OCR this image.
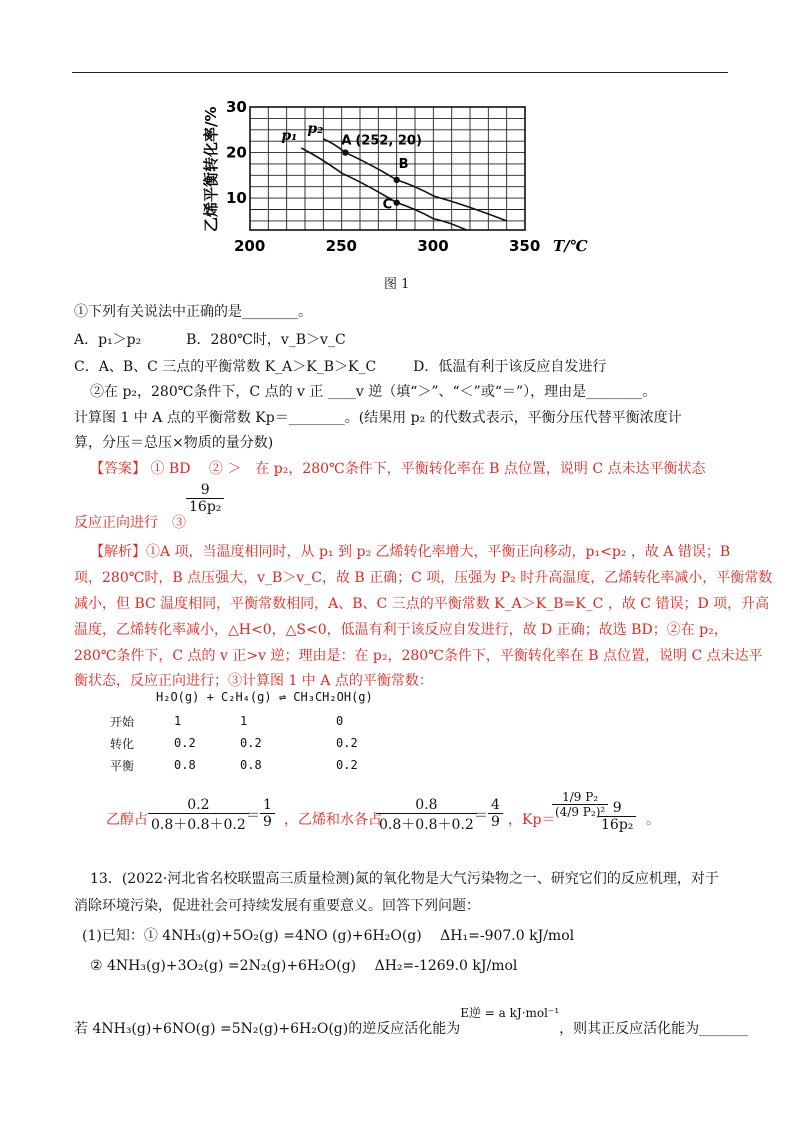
200	250	300	350
10
20
30
T/℃
乙烯平衡转化率/%	p₁ p₂
A (252, 20)
B
C
图 1
①下列有关说法中正确的是________。
A．p₁＞p₂	B．280℃时，v_B＞v_C
C．A、B、C 三点的平衡常数 K_A＞K_B＞K_C	D．低温有利于该反应自发进行
②在 p₂，280℃条件下，C 点的 v 正 ____v 逆（填“＞”、“＜”或“＝”），理由是________。
计算图 1 中 A 点的平衡常数 Kp＝________。(结果用 p₂ 的代数式表示，平衡分压代替平衡浓度计
算，分压＝总压×物质的量分数)
【答案】 ① BD　 ② ＞　在 p₂，280℃条件下，平衡转化率在 B 点位置，说明 C 点未达平衡状态
反应正向进行　③
$\frac{9}{\text{16p₂}}$
【解析】①A 项，当温度相同时，从 p₁ 到 p₂ 乙烯转化率增大，平衡正向移动，p₁<p₂ ，故 A 错误；B
项，280℃时，B 点压强大，v_B＞v_C，故 B 正确；C 项，压强为 P₂ 时升高温度，乙烯转化率减小，平衡常数
减小，但 BC 温度相同，平衡常数相同，A、B、C 三点的平衡常数 K_A＞K_B=K_C ，故 C 错误；D 项，升高
温度，乙烯转化率减小，△H<0，△S<0，低温有利于该反应自发进行，故 D 正确；故选 BD；②在 p₂，
280℃条件下，C 点的 v 正>v 逆；理由是：在 p₂，280℃条件下，平衡转化率在 B 点位置，说明 C 点未达平
衡状态，反应正向进行；③计算图 1 中 A 点的平衡常数：
H₂O(g) + C₂H₄(g) ⇌ CH₃CH₂OH(g)
开始	1	1	0
转化	0.2	0.2	0.2
平衡	0.8	0.8	0.2
乙醇占 $\frac{0.2}{0.8+0.8+0.2}$
＝ $\frac{1}{9}$ ，乙烯和水各占
$\frac{0.8}{0.8+0.8+0.2}$
＝ $\frac{4}{9}$ ，Kp＝
$\frac{\text{1/9 P₂}}{\text{(4/9 P₂)²}}$
$\frac{9}{\text{16p₂}}$ 。
13．(2022·河北省名校联盟高三质量检测)氮的氧化物是大气污染物之一、研究它们的反应机理，对于
消除环境污染，促进社会可持续发展有重要意义。回答下列问题：
(1)已知：① 4NH₃(g)+5O₂(g) =4NO (g)+6H₂O(g)　 ΔH₁=-907.0 kJ/mol
② 4NH₃(g)+3O₂(g) =2N₂(g)+6H₂O(g)　 ΔH₂=-1269.0 kJ/mol
若 4NH₃(g)+6NO(g) =5N₂(g)+6H₂O(g)的逆反应活化能为E逆 = a kJ·mol⁻¹，则其正反应活化能为_______
